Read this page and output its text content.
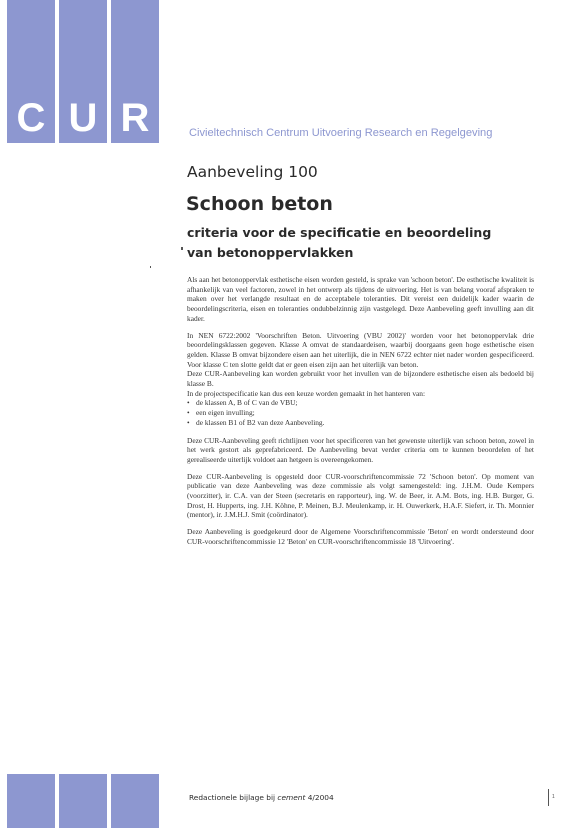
C U R	Civieltechnisch Centrum Uitvoering Research en Regelgeving
Aanbeveling 100
Schoon beton
criteria voor de specificatie en beoordeling
van betonoppervlakken

Als aan het betonoppervlak esthetische eisen worden gesteld, is sprake van 'schoon beton'. De esthetische kwaliteit is afhankelijk van veel factoren, zowel in het ontwerp als tijdens de uitvoering. Het is van belang vooraf afspraken te maken over het verlangde resultaat en de acceptabele toleranties. Dit vereist een duidelijk kader waarin de beoordelingscriteria, eisen en toleranties ondubbelzinnig zijn vastgelegd. Deze Aanbeveling geeft invulling aan dit kader.

In NEN 6722:2002 'Voorschriften Beton. Uitvoering (VBU 2002)' worden voor het betonoppervlak drie beoordelingsklassen gegeven. Klasse A omvat de standaardeisen, waarbij doorgaans geen hoge esthetische eisen gelden. Klasse B omvat bijzondere eisen aan het uiterlijk, die in NEN 6722 echter niet nader worden gespecificeerd. Voor klasse C ten slotte geldt dat er geen eisen zijn aan het uiterlijk van beton.

Deze CUR-Aanbeveling kan worden gebruikt voor het invullen van de bijzondere esthetische eisen als bedoeld bij klasse B.

In de projectspecificatie kan dus een keuze worden gemaakt in het hanteren van:

• de klassen A, B of C van de VBU;
• een eigen invulling;
• de klassen B1 of B2 van deze Aanbeveling.

Deze CUR-Aanbeveling geeft richtlijnen voor het specificeren van het gewenste uiterlijk van schoon beton, zowel in het werk gestort als geprefabriceerd. De Aanbeveling bevat verder criteria om te kunnen beoordelen of het gerealiseerde uiterlijk voldoet aan hetgeen is overeengekomen.

Deze CUR-Aanbeveling is opgesteld door CUR-voorschriftencommissie 72 'Schoon beton'. Op moment van publicatie van deze Aanbeveling was deze commissie als volgt samengesteld: ing. J.H.M. Oude Kempers (voorzitter), ir. C.A. van der Steen (secretaris en rapporteur), ing. W. de Beer, ir. A.M. Bots, ing. H.B. Burger, G. Drost, H. Hupperts, ing. J.H. Köhne, P. Meinen, B.J. Meulenkamp, ir. H. Ouwerkerk, H.A.F. Siefert, ir. Th. Monnier (mentor), ir. J.M.H.J. Smit (coördinator).

Deze Aanbeveling is goedgekeurd door de Algemene Voorschriftencommissie 'Beton' en wordt ondersteund door CUR-voorschriftencommissie 12 'Beton' en CUR-voorschriftencommissie 18 'Uitvoering'.

Redactionele bijlage bij cement 4/2004	1
